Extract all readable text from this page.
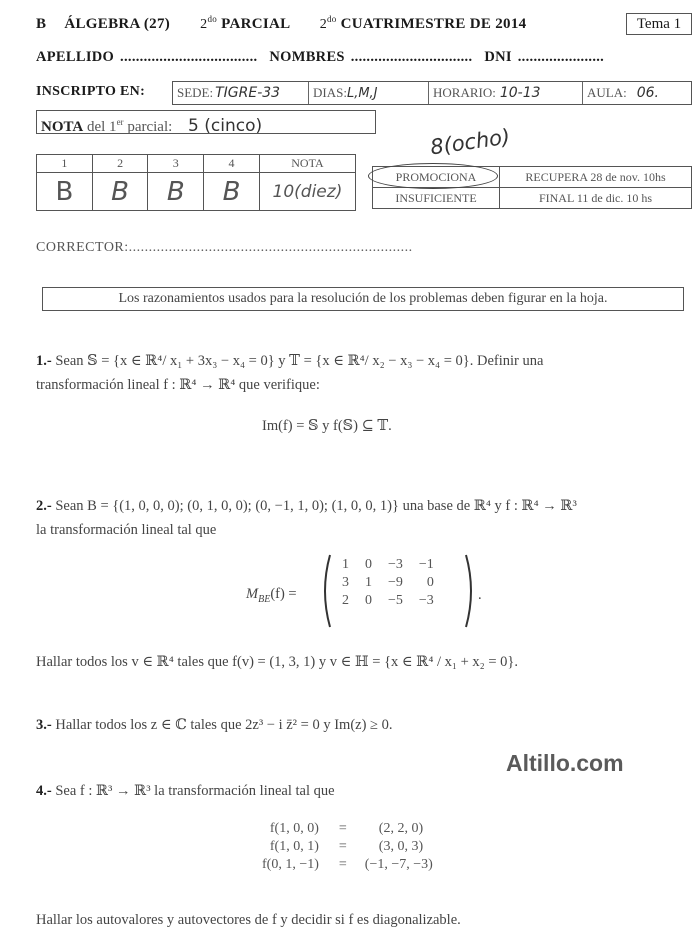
B ÁLGEBRA (27) $2^{do}$ PARCIAL $2^{do}$ CUATRIMESTRE DE 2014	Tema 1
APELLIDO ................................... NOMBRES ............................... DNI ......................
INSCRIPTO EN: SEDE: TIGRE-33	DIAS: L,M,J	HORARIO: 10-13	AULA: 06.
NOTA del 1er parcial: 5 (cinco)	8(ocho)
1	2	3	4	NOTA
B	B	B	B	10(diez)
PROMOCIONA	RECUPERA 28 de nov. 10hs
INSUFICIENTE	FINAL 11 de dic. 10 hs
CORRECTOR:.......................................................................
Los razonamientos usados para la resolución de los problemas deben figurar en la hoja.
1.- Sean 𝕊 = {x ∈ ℝ⁴/ x₁ + 3x₃ − x₄ = 0} y 𝕋 = {x ∈ ℝ⁴/ x₂ − x₃ − x₄ = 0}. Definir una
transformación lineal f : ℝ⁴ → ℝ⁴ que verifique:
Im(f) = 𝕊 y f(𝕊) ⊆ 𝕋.
2.- Sean B = {(1, 0, 0, 0); (0, 1, 0, 0); (0, −1, 1, 0); (1, 0, 0, 1)} una base de ℝ⁴ y f : ℝ⁴ → ℝ³
la transformación lineal tal que
$M_{BE}(f)$ =
1	0	−3	−1
3	1	−9	0
2	0	−5	−3	.
Hallar todos los v ∈ ℝ⁴ tales que f(v) = (1, 3, 1) y v ∈ ℍ = {x ∈ ℝ⁴ / x₁ + x₂ = 0}.
3.- Hallar todos los z ∈ ℂ tales que 2z³ − i z̄² = 0 y Im(z) ≥ 0.
Altillo.com
4.- Sea f : ℝ³ → ℝ³ la transformación lineal tal que
f(1, 0, 0)	=	(2, 2, 0)
f(1, 0, 1)	=	(3, 0, 3)
f(0, 1, −1)	=	(−1, −7, −3)
Hallar los autovalores y autovectores de f y decidir si f es diagonalizable.
